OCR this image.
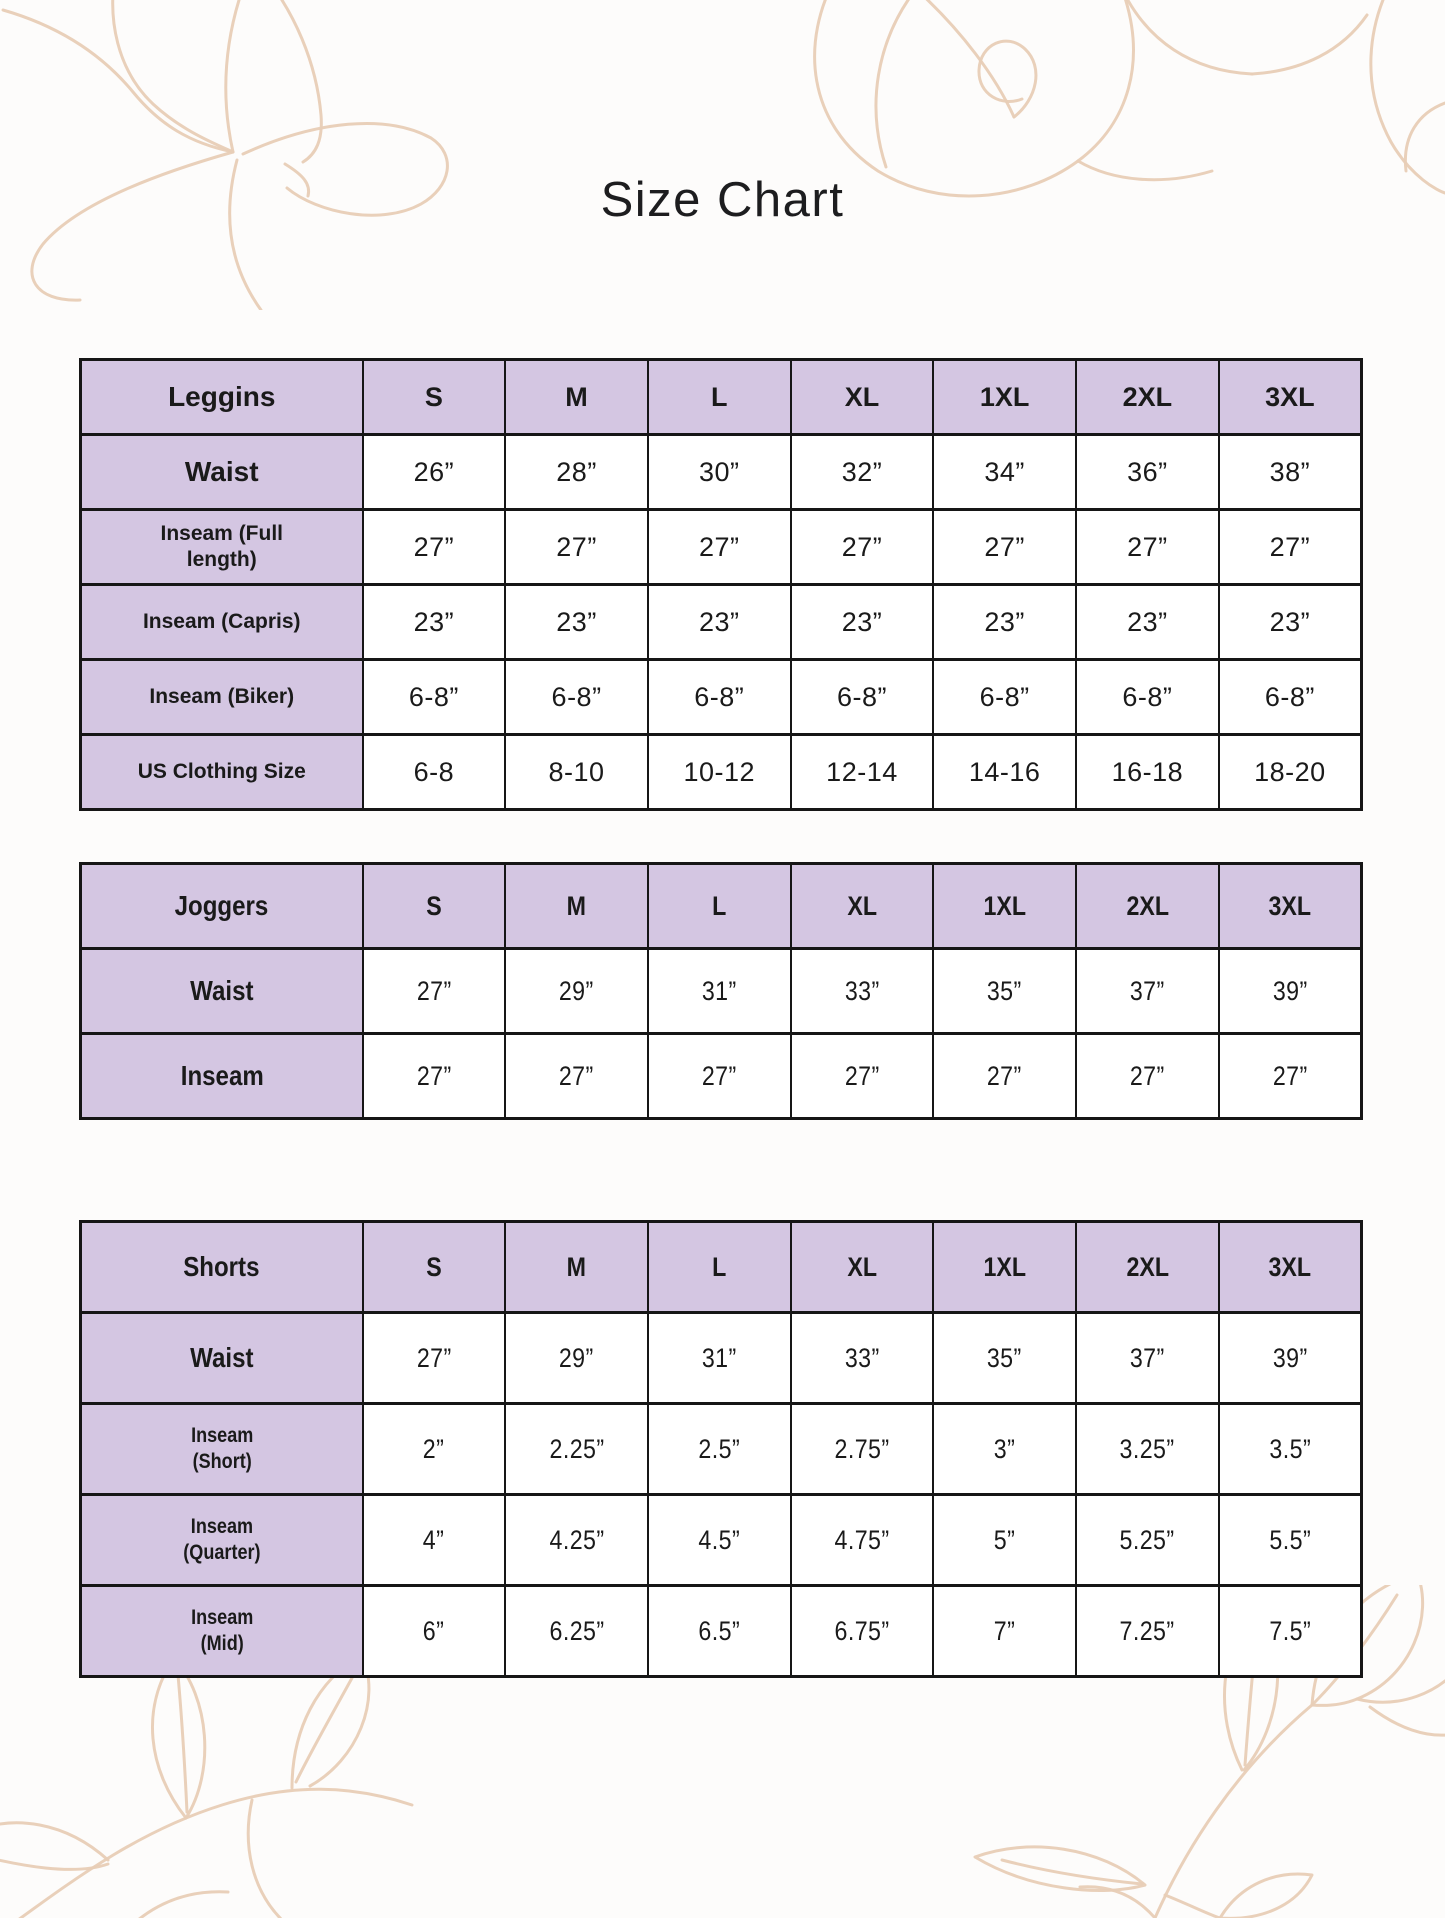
Size Chart
Leggins	S	M	L	XL	1XL	2XL	3XL
Waist	26”	28”	30”	32”	34”	36”	38”
Inseam (Full
length)	27”	27”	27”	27”	27”	27”	27”
Inseam (Capris)	23”	23”	23”	23”	23”	23”	23”
Inseam (Biker)	6-8”	6-8”	6-8”	6-8”	6-8”	6-8”	6-8”
US Clothing Size	6-8	8-10	10-12	12-14	14-16	16-18	18-20
Joggers	S	M	L	XL	1XL	2XL	3XL
Waist	27”	29”	31”	33”	35”	37”	39”
Inseam	27”	27”	27”	27”	27”	27”	27”
Shorts	S	M	L	XL	1XL	2XL	3XL
Waist	27”	29”	31”	33”	35”	37”	39”
Inseam
(Short)	2”	2.25”	2.5”	2.75”	3”	3.25”	3.5”
Inseam
(Quarter)	4”	4.25”	4.5”	4.75”	5”	5.25”	5.5”
Inseam
(Mid)	6”	6.25”	6.5”	6.75”	7”	7.25”	7.5”
